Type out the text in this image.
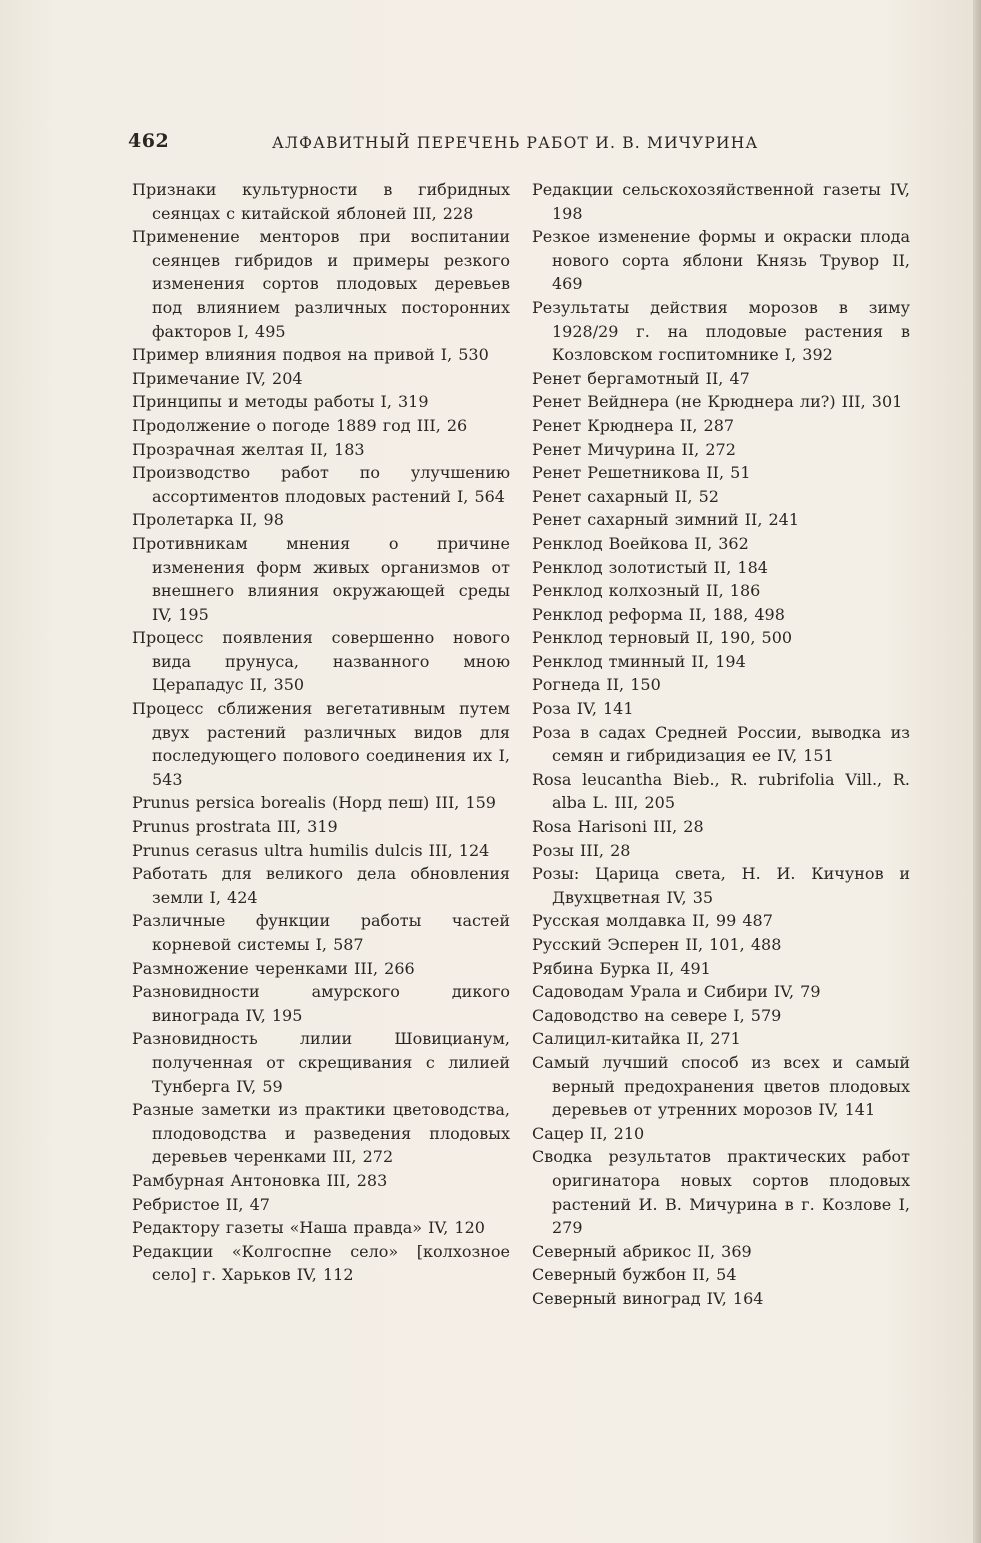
462	АЛФАВИТНЫЙ ПЕРЕЧЕНЬ РАБОТ И. В. МИЧУРИНА

Признаки культурности в гибридных сеянцах с китайской яблоней III, 228

Применение менторов при воспитании сеянцев гибридов и примеры резкого изменения сортов плодовых деревьев под влиянием различных посторонних факторов I, 495

Пример влияния подвоя на привой I, 530

Примечание IV, 204

Принципы и методы работы I, 319

Продолжение о погоде 1889 год III, 26

Прозрачная желтая II, 183

Производство работ по улучшению ассортиментов плодовых растений I, 564

Пролетарка II, 98

Противникам мнения о причине изменения форм живых организмов от внешнего влияния окружающей среды IV, 195

Процесс появления совершенно нового вида прунуса, названного мною Церападус II, 350

Процесс сближения вегетативным путем двух растений различных видов для последующего полового соединения их I, 543

Prunus persica borealis (Норд пеш) III, 159

Prunus prostrata III, 319

Prunus cerasus ultra humilis dulcis III, 124

Работать для великого дела обновления земли I, 424

Различные функции работы частей корневой системы I, 587

Размножение черенками III, 266

Разновидности амурского дикого винограда IV, 195

Разновидность лилии Шовицианум, полученная от скрещивания с лилией Тунберга IV, 59

Разные заметки из практики цветоводства, плодоводства и разведения плодовых деревьев черенками III, 272

Рамбурная Антоновка III, 283

Ребристое II, 47

Редактору газеты «Наша правда» IV, 120

Редакции «Колгоспне село» [колхозное село] г. Харьков IV, 112

Редакции сельскохозяйственной газеты IV, 198

Резкое изменение формы и окраски плода нового сорта яблони Князь Трувор II, 469

Результаты действия морозов в зиму 1928/29 г. на плодовые растения в Козловском госпитомнике I, 392

Ренет бергамотный II, 47

Ренет Вейднера (не Крюднера ли?) III, 301

Ренет Крюднера II, 287

Ренет Мичурина II, 272

Ренет Решетникова II, 51

Ренет сахарный II, 52

Ренет сахарный зимний II, 241

Ренклод Воейкова II, 362

Ренклод золотистый II, 184

Ренклод колхозный II, 186

Ренклод реформа II, 188, 498

Ренклод терновый II, 190, 500

Ренклод тминный II, 194

Рогнеда II, 150

Роза IV, 141

Роза в садах Средней России, выводка из семян и гибридизация ее IV, 151

Rosa leucantha Bieb., R. rubrifolia Vill., R. alba L. III, 205

Rosa Harisoni III, 28

Розы III, 28

Розы: Царица света, Н. И. Кичунов и Двухцветная IV, 35

Русская молдавка II, 99 487

Русский Эсперен II, 101, 488

Рябина Бурка II, 491

Садоводам Урала и Сибири IV, 79

Садоводство на севере I, 579

Салицил-китайка II, 271

Самый лучший способ из всех и самый верный предохранения цветов плодовых деревьев от утренних морозов IV, 141

Сацер II, 210

Сводка результатов практических работ оригинатора новых сортов плодовых растений И. В. Мичурина в г. Козлове I, 279

Северный абрикос II, 369

Северный бужбон II, 54

Северный виноград IV, 164
